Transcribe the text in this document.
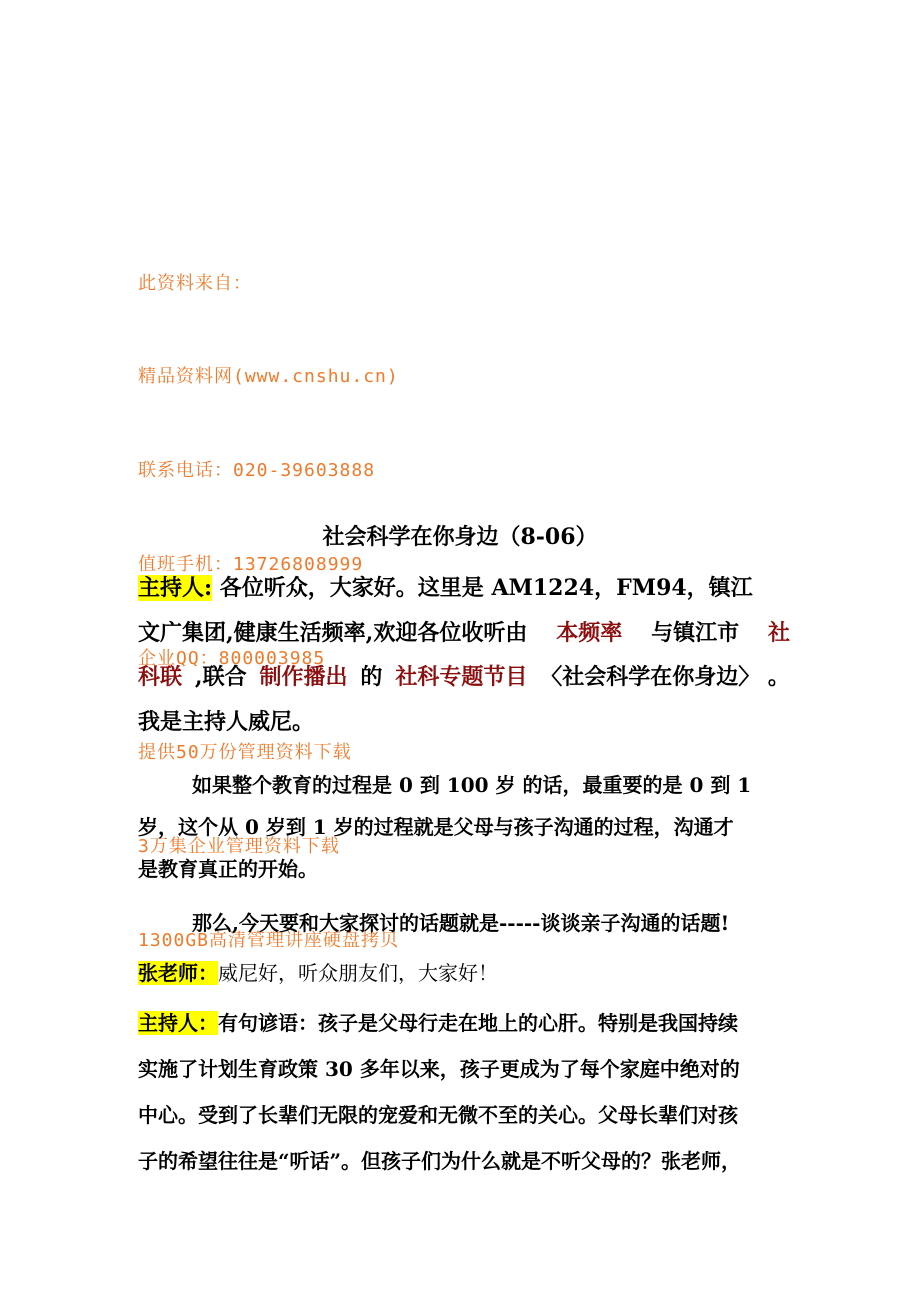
此资料来自：

精品资料网(www.cnshu.cn)

联系电话：020-39603888

值班手机：13726808999

企业QQ：800003985

提供50万份管理资料下载

3万集企业管理资料下载

1300GB高清管理讲座硬盘拷贝

社会科学在你身边（8-06）
主持人: 各位听众，大家好。这里是 AM1224，FM94，镇江
文广集团,健康生活频率,欢迎各位收听由 本频率 与镇江市 社
科联 ,联合 制作播出 的 社科专题节目 〈社会科学在你身边〉 。
我是主持人威尼。
如果整个教育的过程是 0 到 100 岁 的话，最重要的是 0 到 1
岁，这个从 0 岁到 1 岁的过程就是父母与孩子沟通的过程，沟通才
是教育真正的开始。
那么,今天要和大家探讨的话题就是-----谈谈亲子沟通的话题!
张老师：威尼好，听众朋友们，大家好！
主持人：有句谚语：孩子是父母行走在地上的心肝。特别是我国持续
实施了计划生育政策 30 多年以来，孩子更成为了每个家庭中绝对的
中心。受到了长辈们无限的宠爱和无微不至的关心。父母长辈们对孩
子的希望往往是“听话”。但孩子们为什么就是不听父母的？张老师，
